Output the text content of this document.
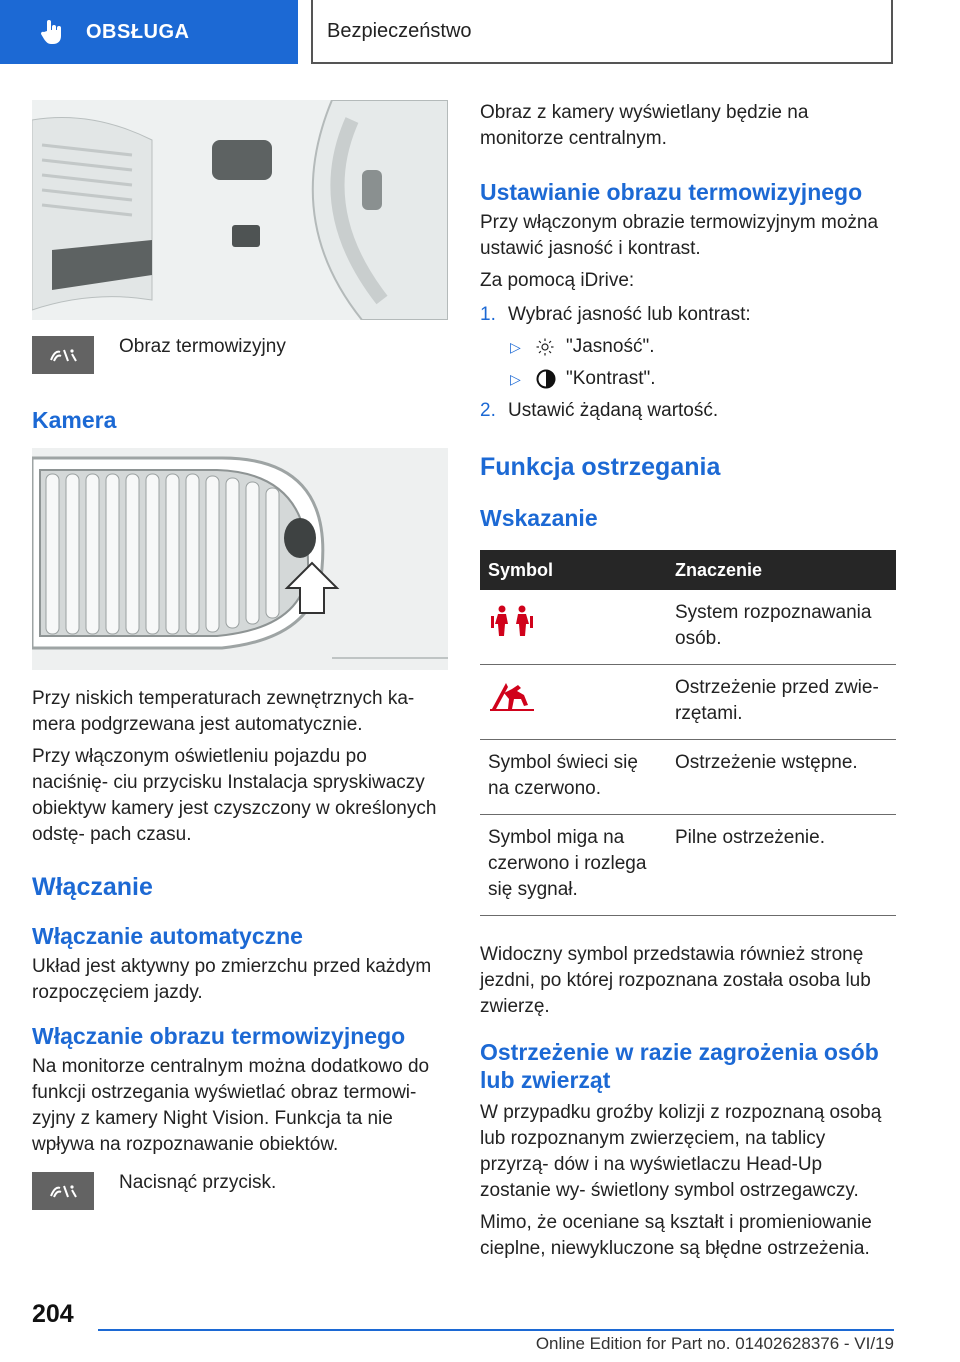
OBSŁUGA	Bezpieczeństwo

Obraz termowizyjny

Kamera

Przy niskich temperaturach zewnętrznych ka- mera podgrzewana jest automatycznie.

Przy włączonym oświetleniu pojazdu po naciśnię- ciu przycisku Instalacja spryskiwaczy obiektyw kamery jest czyszczony w określonych odstę- pach czasu.

Włączanie
Włączanie automatyczne

Układ jest aktywny po zmierzchu przed każdym rozpoczęciem jazdy.

Włączanie obrazu termowizyjnego

Na monitorze centralnym można dodatkowo do funkcji ostrzegania wyświetlać obraz termowi- zyjny z kamery Night Vision. Funkcja ta nie wpływa na rozpoznawanie obiektów.

Nacisnąć przycisk.

Obraz z kamery wyświetlany będzie na monitorze centralnym.

Ustawianie obrazu termowizyjnego

Przy włączonym obrazie termowizyjnym można ustawić jasność i kontrast.

Za pomocą iDrive:

1. Wybrać jasność lub kontrast:
▷	"Jasność".
▷	"Kontrast".
2. Ustawić żądaną wartość.
Funkcja ostrzegania
Wskazanie
Symbol	Znaczenie
	System rozpoznawania osób.
	Ostrzeżenie przed zwie- rzętami.
Symbol świeci się na czerwono.	Ostrzeżenie wstępne.
Symbol miga na czerwono i rozlega się sygnał.	Pilne ostrzeżenie.

Widoczny symbol przedstawia również stronę jezdni, po której rozpoznana została osoba lub zwierzę.

Ostrzeżenie w razie zagrożenia osób lub zwierząt

W przypadku groźby kolizji z rozpoznaną osobą lub rozpoznanym zwierzęciem, na tablicy przyrzą- dów i na wyświetlaczu Head-Up zostanie wy- świetlony symbol ostrzegawczy.

Mimo, że oceniane są kształt i promieniowanie cieplne, niewykluczone są błędne ostrzeżenia.

204
Online Edition for Part no. 01402628376 - VI/19
